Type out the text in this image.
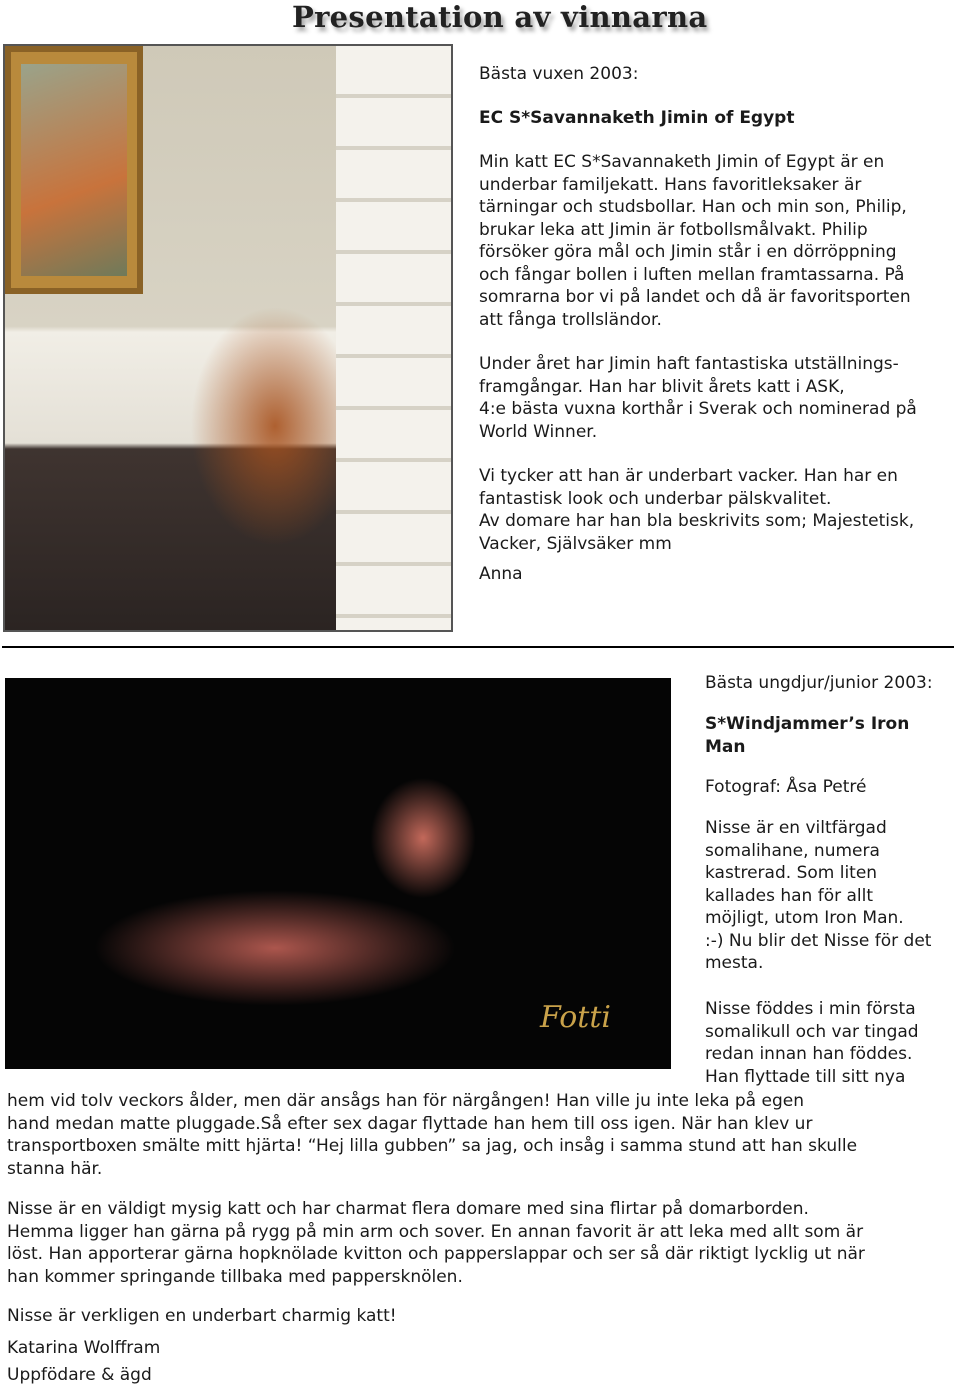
Presentation av vinnarna

Bästa vuxen 2003:

EC S*Savannaketh Jimin of Egypt

Min katt EC S*Savannaketh Jimin of Egypt är en
underbar familjekatt. Hans favoritleksaker är
tärningar och studsbollar. Han och min son, Philip,
brukar leka att Jimin är fotbollsmålvakt. Philip
försöker göra mål och Jimin står i en dörröppning
och fångar bollen i luften mellan framtassarna. På
somrarna bor vi på landet och då är favoritsporten
att fånga trollsländor.
Under året har Jimin haft fantastiska utställnings-
framgångar. Han har blivit årets katt i ASK,
4:e bästa vuxna korthår i Sverak och nominerad på
World Winner.
Vi tycker att han är underbart vacker. Han har en
fantastisk look och underbar pälskvalitet.
Av domare har han bla beskrivits som; Majestetisk,
Vacker, Självsäker mm

Anna

Fotti

Bästa ungdjur/junior 2003:

S*Windjammer’s Iron
Man

Fotograf: Åsa Petré

Nisse är en viltfärgad
somalihane, numera
kastrerad. Som liten
kallades han för allt
möjligt, utom Iron Man.
:-) Nu blir det Nisse för det
mesta.
Nisse föddes i min första
somalikull och var tingad
redan innan han föddes.
Han flyttade till sitt nya
hem vid tolv veckors ålder, men där ansågs han för närgången! Han ville ju inte leka på egen
hand medan matte pluggade.Så efter sex dagar flyttade han hem till oss igen. När han klev ur
transportboxen smälte mitt hjärta! “Hej lilla gubben” sa jag, och insåg i samma stund att han skulle
stanna här.
Nisse är en väldigt mysig katt och har charmat flera domare med sina flirtar på domarborden.
Hemma ligger han gärna på rygg på min arm och sover. En annan favorit är att leka med allt som är
löst. Han apporterar gärna hopknölade kvitton och papperslappar och ser så där riktigt lycklig ut när
han kommer springande tillbaka med pappersknölen.

Nisse är verkligen en underbart charmig katt!

Katarina Wolffram

Uppfödare & ägd
